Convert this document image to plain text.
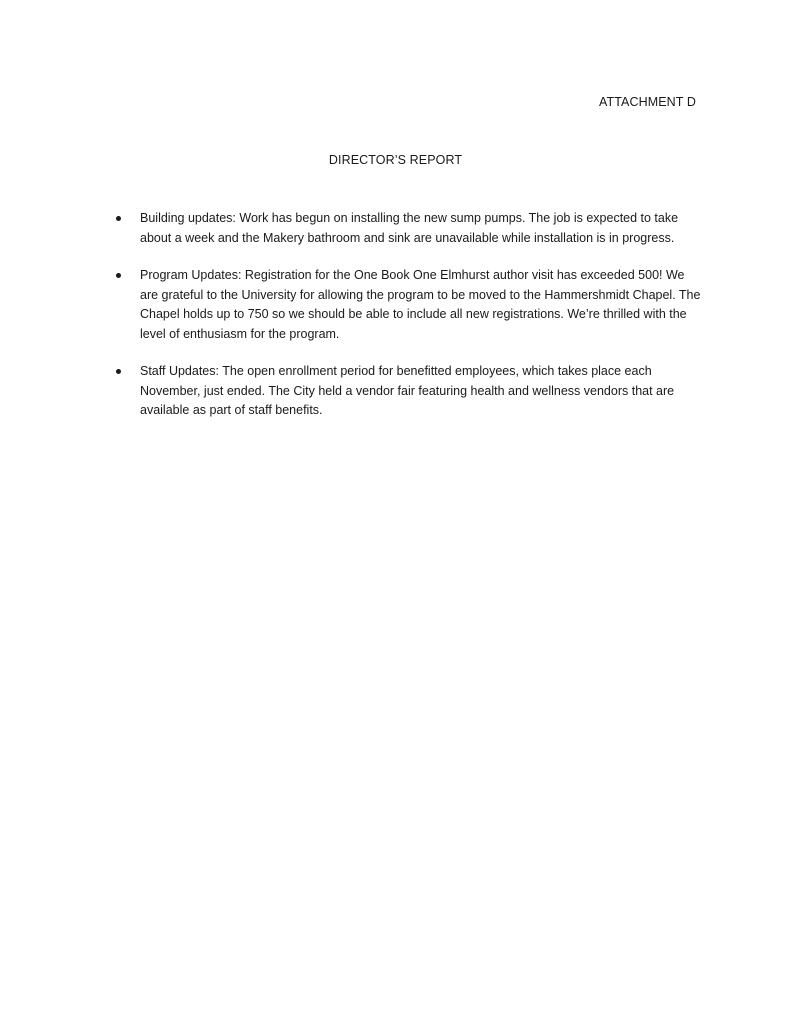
ATTACHMENT D
DIRECTOR’S REPORT
Building updates: Work has begun on installing the new sump pumps. The job is expected to take about a week and the Makery bathroom and sink are unavailable while installation is in progress.
Program Updates: Registration for the One Book One Elmhurst author visit has exceeded 500! We are grateful to the University for allowing the program to be moved to the Hammershmidt Chapel. The Chapel holds up to 750 so we should be able to include all new registrations. We’re thrilled with the level of enthusiasm for the program.
Staff Updates: The open enrollment period for benefitted employees, which takes place each November, just ended. The City held a vendor fair featuring health and wellness vendors that are available as part of staff benefits.
